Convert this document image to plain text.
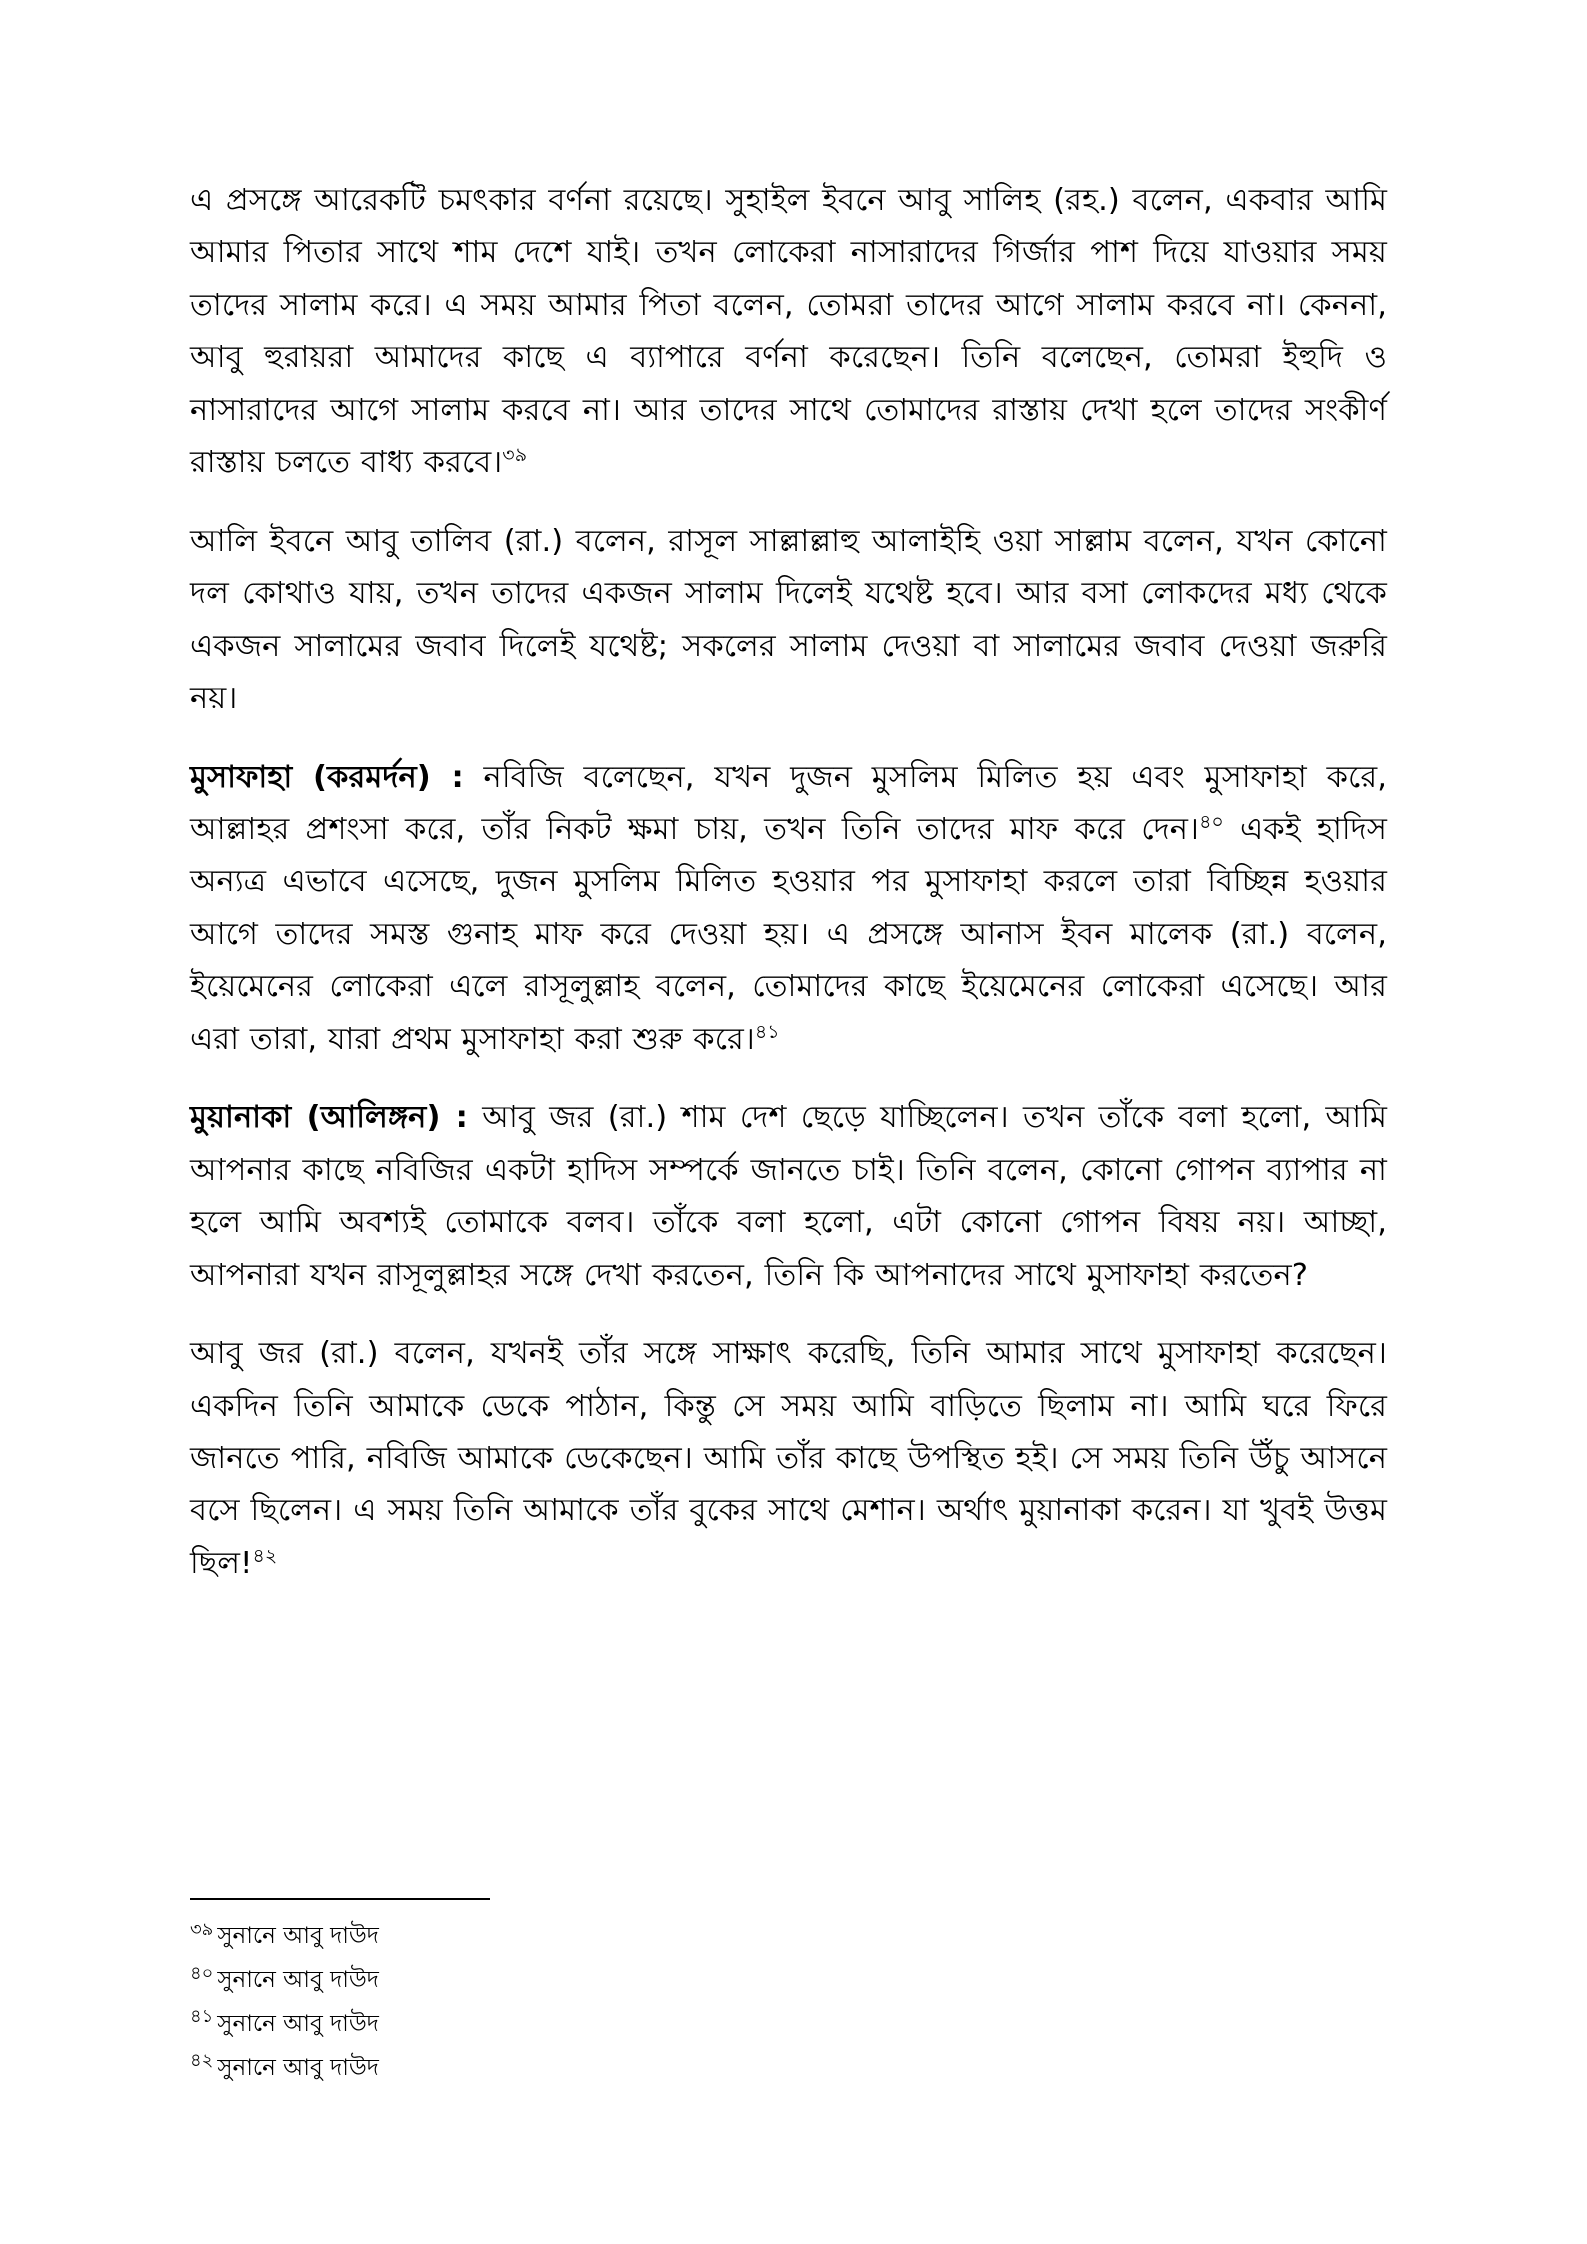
এ প্রসঙ্গে আরেকটি চমৎকার বর্ণনা রয়েছে। সুহাইল ইবনে আবু সালিহ (রহ.) বলেন, একবার আমি আমার পিতার সাথে শাম দেশে যাই। তখন লোকেরা নাসারাদের গির্জার পাশ দিয়ে যাওয়ার সময় তাদের সালাম করে। এ সময় আমার পিতা বলেন, তোমরা তাদের আগে সালাম করবে না। কেননা, আবু হুরায়রা আমাদের কাছে এ ব্যাপারে বর্ণনা করেছেন। তিনি বলেছেন, তোমরা ইহুদি ও নাসারাদের আগে সালাম করবে না। আর তাদের সাথে তোমাদের রাস্তায় দেখা হলে তাদের সংকীর্ণ রাস্তায় চলতে বাধ্য করবে।$^{৩৯}$

আলি ইবনে আবু তালিব (রা.) বলেন, রাসূল সাল্লাল্লাহু আলাইহি ওয়া সাল্লাম বলেন, যখন কোনো দল কোথাও যায়, তখন তাদের একজন সালাম দিলেই যথেষ্ট হবে। আর বসা লোকদের মধ্য থেকে একজন সালামের জবাব দিলেই যথেষ্ট; সকলের সালাম দেওয়া বা সালামের জবাব দেওয়া জরুরি নয়।

মুসাফাহা (করমর্দন) : নবিজি বলেছেন, যখন দুজন মুসলিম মিলিত হয় এবং মুসাফাহা করে, আল্লাহর প্রশংসা করে, তাঁর নিকট ক্ষমা চায়, তখন তিনি তাদের মাফ করে দেন।$^{৪০}$ একই হাদিস অন্যত্র এভাবে এসেছে, দুজন মুসলিম মিলিত হওয়ার পর মুসাফাহা করলে তারা বিচ্ছিন্ন হওয়ার আগে তাদের সমস্ত গুনাহ মাফ করে দেওয়া হয়। এ প্রসঙ্গে আনাস ইবন মালেক (রা.) বলেন, ইয়েমেনের লোকেরা এলে রাসূলুল্লাহ বলেন, তোমাদের কাছে ইয়েমেনের লোকেরা এসেছে। আর এরা তারা, যারা প্রথম মুসাফাহা করা শুরু করে।$^{৪১}$

মুয়ানাকা (আলিঙ্গন) : আবু জর (রা.) শাম দেশ ছেড়ে যাচ্ছিলেন। তখন তাঁকে বলা হলো, আমি আপনার কাছে নবিজির একটা হাদিস সম্পর্কে জানতে চাই। তিনি বলেন, কোনো গোপন ব্যাপার না হলে আমি অবশ্যই তোমাকে বলব। তাঁকে বলা হলো, এটা কোনো গোপন বিষয় নয়। আচ্ছা, আপনারা যখন রাসূলুল্লাহর সঙ্গে দেখা করতেন, তিনি কি আপনাদের সাথে মুসাফাহা করতেন?

আবু জর (রা.) বলেন, যখনই তাঁর সঙ্গে সাক্ষাৎ করেছি, তিনি আমার সাথে মুসাফাহা করেছেন। একদিন তিনি আমাকে ডেকে পাঠান, কিন্তু সে সময় আমি বাড়িতে ছিলাম না। আমি ঘরে ফিরে জানতে পারি, নবিজি আমাকে ডেকেছেন। আমি তাঁর কাছে উপস্থিত হই। সে সময় তিনি উঁচু আসনে বসে ছিলেন। এ সময় তিনি আমাকে তাঁর বুকের সাথে মেশান। অর্থাৎ মুয়ানাকা করেন। যা খুবই উত্তম ছিল!$^{৪২}$

$^{৩৯}$ সুনানে আবু দাউদ

$^{৪০}$ সুনানে আবু দাউদ

$^{৪১}$ সুনানে আবু দাউদ

$^{৪২}$ সুনানে আবু দাউদ
